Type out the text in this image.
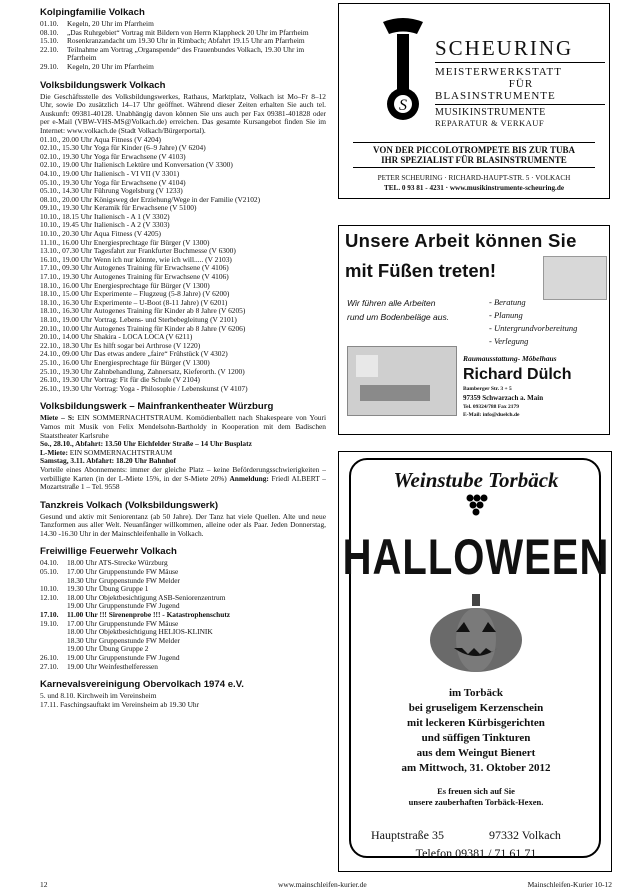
Kolpingfamilie Volkach
01.10.	Kegeln, 20 Uhr im Pfarrheim
08.10.	„Das Ruhrgebiet“ Vortrag mit Bildern von Herrn Klappheck 20 Uhr im Pfarrheim
15.10.	Rosenkranzandacht um 19.30 Uhr in Rimbach; Abfahrt 19.15 Uhr am Pfarrheim
22.10.	Teilnahme am Vortrag „Organspende“ des Frauenbundes Volkach, 19.30 Uhr im Pfarrheim
29.10.	Kegeln, 20 Uhr im Pfarrheim
Volksbildungswerk Volkach
Die Geschäftsstelle des Volksbildungswerkes, Rathaus, Marktplatz, Volkach ist Mo–Fr 8–12 Uhr, sowie Do zusätzlich 14–17 Uhr geöffnet. Während dieser Zeiten erhalten Sie auch tel. Auskunft: 09381-40128. Unabhängig davon können Sie uns auch per Fax 09381-401828 oder per e-Mail (VBW-VHS-MS@Volkach.de) erreichen. Das gesamte Kursangebot finden Sie im Internet: www.volkach.de (Stadt Volkach/Bürgerportal).
01.10., 20.00 Uhr Aqua Fitness (V 4204)
02.10., 15.30 Uhr Yoga für Kinder (6–9 Jahre) (V 6204)
02.10., 19.30 Uhr Yoga für Erwachsene (V 4103)
02.10., 19.00 Uhr Italienisch Lektüre und Konversation (V 3300)
04.10., 19.00 Uhr Italienisch - VI VII (V 3301)
05.10., 19.30 Uhr Yoga für Erwachsene (V 4104)
05.10., 14.30 Uhr Führung Vogelsburg (V 1233)
08.10., 20.00 Uhr Königsweg der Erziehung/Wege in der Familie (V2102)
09.10., 19.30 Uhr Keramik für Erwachsene (V 5100)
10.10., 18.15 Uhr Italienisch - A 1 (V 3302)
10.10., 19.45 Uhr Italienisch - A 2 (V 3303)
10.10., 20.30 Uhr Aqua Fitness (V 4205)
11.10., 16.00 Uhr Energiesprechtage für Bürger (V 1300)
13.10., 07.30 Uhr Tagesfahrt zur Frankfurter Buchmesse (V 6300)
16.10., 19.00 Uhr Wenn ich nur könnte, wie ich will..... (V 2103)
17.10., 09.30 Uhr Autogenes Training für Erwachsene (V 4106)
17.10., 19.30 Uhr Autogenes Training für Erwachsene (V 4106)
18.10., 16.00 Uhr Energiesprechtage für Bürger (V 1300)
18.10., 15.00 Uhr Experimente – Flugzeug (5-8 Jahre) (V 6200)
18.10., 16.30 Uhr Experimente – U-Boot (8-11 Jahre) (V 6201)
18.10., 16.30 Uhr Autogenes Training für Kinder ab 8 Jahre (V 6205)
18.10., 19.00 Uhr Vortrag. Lebens- und Sterbebegleitung (V 2101)
20.10., 10.00 Uhr Autogenes Training für Kinder ab 8 Jahre (V 6206)
20.10., 14.00 Uhr Shakira - LOCA LOCA (V 6211)
22.10., 18.30 Uhr Es hilft sogar bei Arthrose (V 1220)
24.10., 09.00 Uhr Das etwas andere „faire“ Frühstück (V 4302)
25.10., 16.00 Uhr Energiesprechtage für Bürger (V 1300)
25.10., 19.30 Uhr Zahnbehandlung, Zahnersatz, Kieferorth. (V 1200)
26.10., 19.30 Uhr Vortrag: Fit für die Schule (V 2104)
26.10., 19.30 Uhr Vortrag: Yoga - Philosophie / Lebenskunst (V 4107)
Volksbildungswerk – Mainfrankentheater Würzburg
Miete – S: EIN SOMMERNACHTSTRAUM. Komödienballett nach Shakespeare von Youri Vamos mit Musik von Felix Mendelsohn-Bartholdy in Kooperation mit dem Badischen Staatstheater Karlsruhe
So., 28.10., Abfahrt: 13.50 Uhr Eichfelder Straße – 14 Uhr Busplatz
L-Miete: EIN SOMMERNACHTSTRAUM
Samstag, 3.11. Abfahrt: 18.20 Uhr Bahnhof
Vorteile eines Abonnements: immer der gleiche Platz – keine Beförderungsschwierigkeiten – verbilligte Karten (in der L-Miete 15%, in der S-Miete 20%) Anmeldung: Friedl ALBERT – Mozartstraße 1 – Tel. 9558
Tanzkreis Volkach (Volksbildungswerk)
Gesund und aktiv mit Seniorentanz (ab 50 Jahre). Der Tanz hat viele Quellen. Alte und neue Tanzformen aus aller Welt. Neuanfänger willkommen, alleine oder als Paar. Jeden Donnerstag, 14.30 -16.30 Uhr in der Mainschleifenhalle in Volkach.
Freiwillige Feuerwehr Volkach
04.10.	18.00 Uhr ATS-Strecke Würzburg
05.10.	17.00 Uhr Gruppenstunde FW Mäuse
18.30 Uhr Gruppenstunde FW Melder
10.10.	19.30 Uhr Übung Gruppe 1
12.10.	18.00 Uhr Objektbesichtigung ASB-Seniorenzentrum
19.00 Uhr Gruppenstunde FW Jugend
17.10.	11.00 Uhr !!! Sirenenprobe !!! - Katastrophenschutz
19.10.	17.00 Uhr Gruppenstunde FW Mäuse
18.00 Uhr Objektbesichtigung HELIOS-KLINIK
18.30 Uhr Gruppenstunde FW Melder
19.00 Uhr Übung Gruppe 2
26.10.	19.00 Uhr Gruppenstunde FW Jugend
27.10.	19.00 Uhr Weinfesthelferessen
Karnevalsvereinigung Obervolkach 1974 e.V.
5. und 8.10. Kirchweih im Vereinsheim
17.11. Faschingsauftakt im Vereinsheim ab 19.30 Uhr
S
SCHEURING
MEISTERWERKSTATT
FÜR
BLASINSTRUMENTE
MUSIKINSTRUMENTE
REPARATUR & VERKAUF
VON DER PICCOLOTROMPETE BIS ZUR TUBA
IHR SPEZIALIST FÜR BLASINSTRUMENTE
PETER SCHEURING · RICHARD-HAUPT-STR. 5 · VOLKACH
TEL. 0 93 81 - 4231 · www.musikinstrumente-scheuring.de
Unsere Arbeit können Sie
mit Füßen treten!
Wir führen alle Arbeiten
rund um Bodenbeläge aus.
- Beratung
- Planung
- Untergrundvorbereitung
- Verlegung
Raumausstattung- Möbelhaus
Richard Dülch
Bamberger Str. 3 + 5
97359 Schwarzach a. Main
Tel. 09324/788 Fax 2179
E-Mail: info@duelch.de
Weinstube Torbäck
HALLOWEEN
im Torbäck
bei gruseligem Kerzenschein
mit leckeren Kürbisgerichten
und süffigen Tinkturen
aus dem Weingut Bienert
am Mittwoch, 31. Oktober 2012
Es freuen sich auf Sie
unsere zauberhaften Torbäck-Hexen.
Hauptstraße 35	97332 Volkach
Telefon 09381 / 71 61 71
12	www.mainschleifen-kurier.de	Mainschleifen-Kurier 10-12
